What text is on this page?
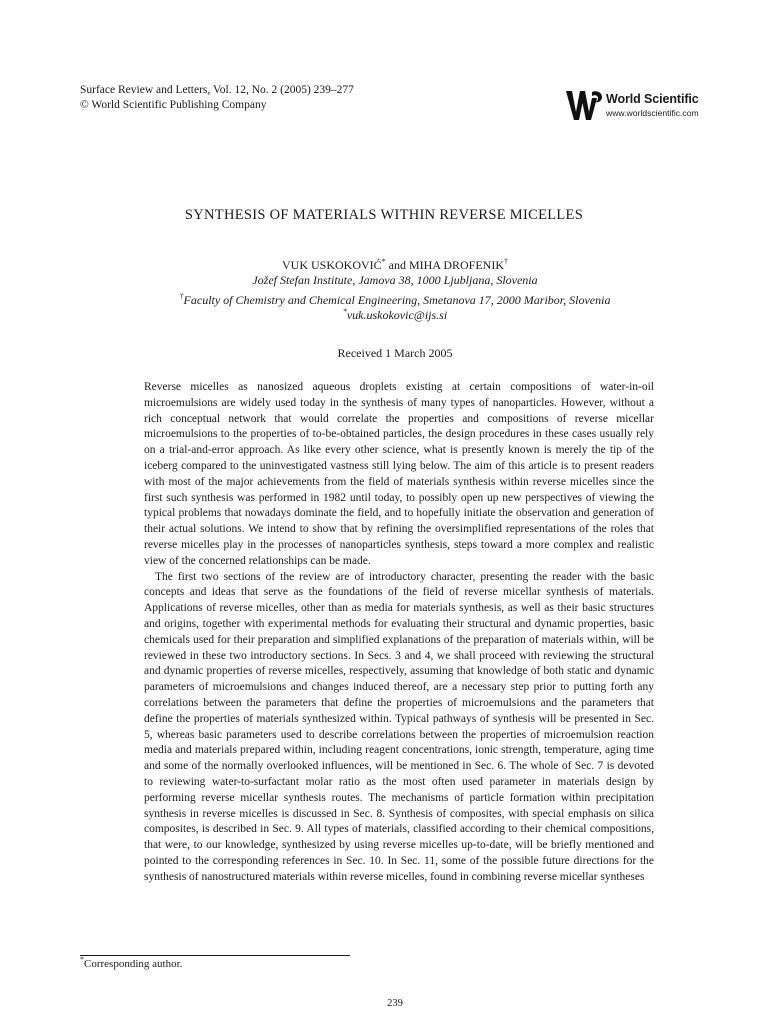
Surface Review and Letters, Vol. 12, No. 2 (2005) 239–277
© World Scientific Publishing Company	World Scientific
www.worldscientific.com
SYNTHESIS OF MATERIALS WITHIN REVERSE MICELLES
VUK USKOKOVIĆ* and MIHA DROFENIK†
Jožef Stefan Institute, Jamova 38, 1000 Ljubljana, Slovenia
†Faculty of Chemistry and Chemical Engineering, Smetanova 17, 2000 Maribor, Slovenia
*vuk.uskokovic@ijs.si
Received 1 March 2005

Reverse micelles as nanosized aqueous droplets existing at certain compositions of water-in-oil microemulsions are widely used today in the synthesis of many types of nanoparticles. However, without a rich conceptual network that would correlate the properties and compositions of reverse micellar microemulsions to the properties of to-be-obtained particles, the design procedures in these cases usually rely on a trial-and-error approach. As like every other science, what is presently known is merely the tip of the iceberg compared to the uninvestigated vastness still lying below. The aim of this article is to present readers with most of the major achievements from the field of materials synthesis within reverse micelles since the first such synthesis was performed in 1982 until today, to possibly open up new perspectives of viewing the typical problems that nowadays dominate the field, and to hopefully initiate the observation and generation of their actual solutions. We intend to show that by refining the oversimplified representations of the roles that reverse micelles play in the processes of nanoparticles synthesis, steps toward a more complex and realistic view of the concerned relationships can be made.

The first two sections of the review are of introductory character, presenting the reader with the basic concepts and ideas that serve as the foundations of the field of reverse micellar synthesis of materials. Applications of reverse micelles, other than as media for materials synthesis, as well as their basic structures and origins, together with experimental methods for evaluating their structural and dynamic properties, basic chemicals used for their preparation and simplified explanations of the preparation of materials within, will be reviewed in these two introductory sections. In Secs. 3 and 4, we shall proceed with reviewing the structural and dynamic properties of reverse micelles, respectively, assuming that knowledge of both static and dynamic parameters of microemulsions and changes induced thereof, are a necessary step prior to putting forth any correlations between the parameters that define the properties of microemulsions and the parameters that define the properties of materials synthesized within. Typical pathways of synthesis will be presented in Sec. 5, whereas basic parameters used to describe correlations between the properties of microemulsion reaction media and materials prepared within, including reagent concentrations, ionic strength, temperature, aging time and some of the normally overlooked influences, will be mentioned in Sec. 6. The whole of Sec. 7 is devoted to reviewing water-to-surfactant molar ratio as the most often used parameter in materials design by performing reverse micellar synthesis routes. The mechanisms of particle formation within precipitation synthesis in reverse micelles is discussed in Sec. 8. Synthesis of composites, with special emphasis on silica composites, is described in Sec. 9. All types of materials, classified according to their chemical compositions, that were, to our knowledge, synthesized by using reverse micelles up-to-date, will be briefly mentioned and pointed to the corresponding references in Sec. 10. In Sec. 11, some of the possible future directions for the synthesis of nanostructured materials within reverse micelles, found in combining reverse micellar syntheses

*Corresponding author.
239
